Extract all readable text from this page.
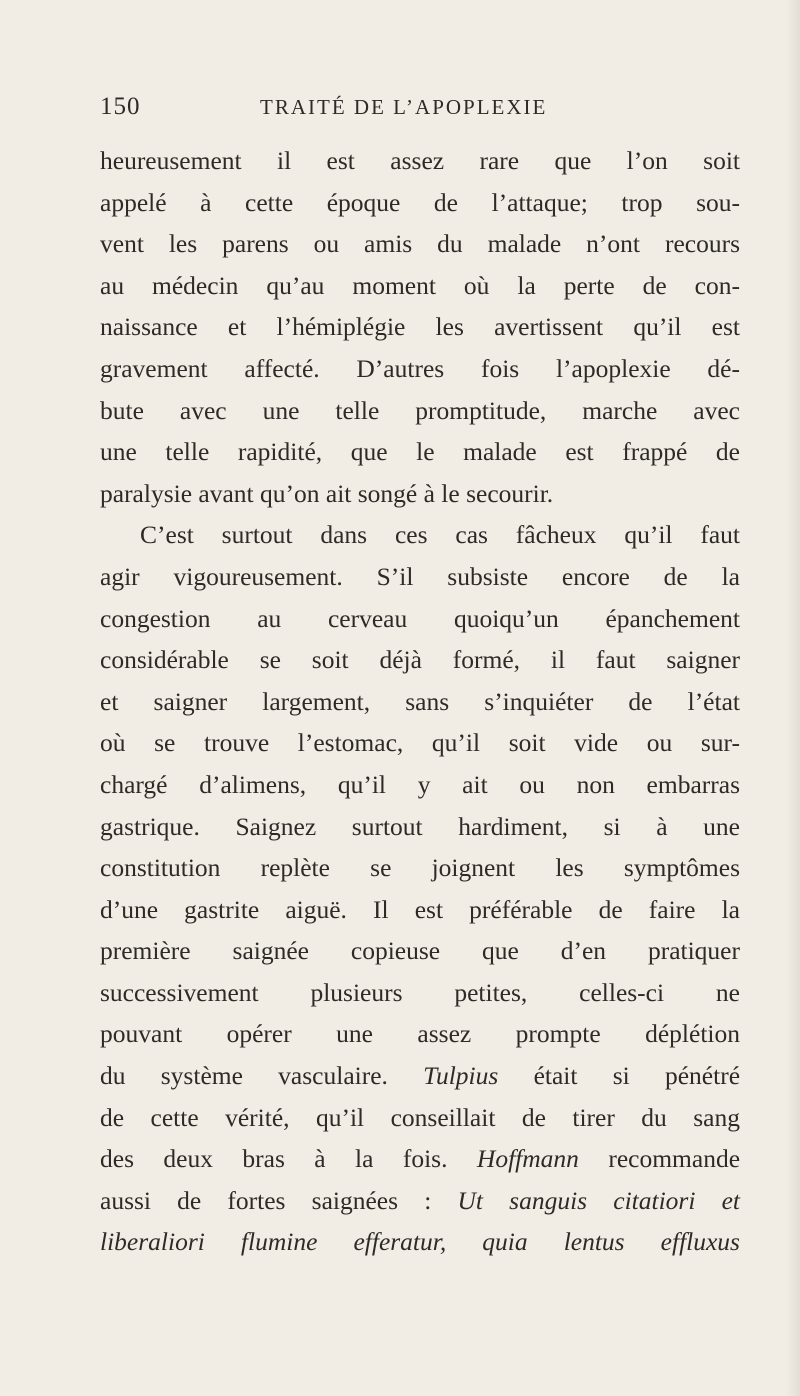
150	TRAITÉ DE L’APOPLEXIE
heureusement il est assez rare que l’on soit
appelé à cette époque de l’attaque; trop sou-
vent les parens ou amis du malade n’ont recours
au médecin qu’au moment où la perte de con-
naissance et l’hémiplégie les avertissent qu’il est
gravement affecté. D’autres fois l’apoplexie dé-
bute avec une telle promptitude, marche avec
une telle rapidité, que le malade est frappé de
paralysie avant qu’on ait songé à le secourir.
C’est surtout dans ces cas fâcheux qu’il faut
agir vigoureusement. S’il subsiste encore de la
congestion au cerveau quoiqu’un épanchement
considérable se soit déjà formé, il faut saigner
et saigner largement, sans s’inquiéter de l’état
où se trouve l’estomac, qu’il soit vide ou sur-
chargé d’alimens, qu’il y ait ou non embarras
gastrique. Saignez surtout hardiment, si à une
constitution replète se joignent les symptômes
d’une gastrite aiguë. Il est préférable de faire la
première saignée copieuse que d’en pratiquer
successivement plusieurs petites, celles-ci ne
pouvant opérer une assez prompte déplétion
du système vasculaire. Tulpius était si pénétré
de cette vérité, qu’il conseillait de tirer du sang
des deux bras à la fois. Hoffmann recommande
aussi de fortes saignées : Ut sanguis citatiori et
liberaliori flumine efferatur, quia lentus effluxus
